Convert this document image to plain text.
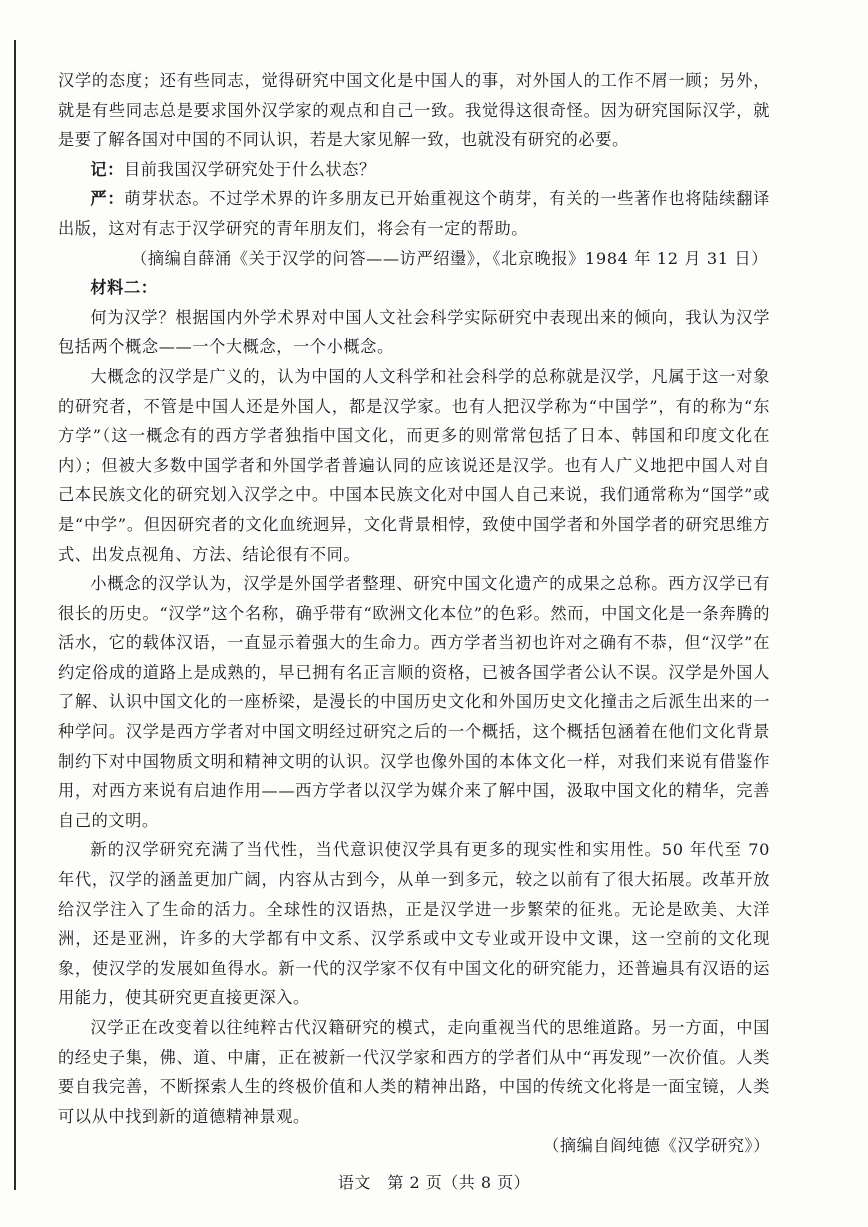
汉学的态度；还有些同志，觉得研究中国文化是中国人的事，对外国人的工作不屑一顾；另外，就是有些同志总是要求国外汉学家的观点和自己一致。我觉得这很奇怪。因为研究国际汉学，就是要了解各国对中国的不同认识，若是大家见解一致，也就没有研究的必要。

记：目前我国汉学研究处于什么状态？

严：萌芽状态。不过学术界的许多朋友已开始重视这个萌芽，有关的一些著作也将陆续翻译出版，这对有志于汉学研究的青年朋友们，将会有一定的帮助。

（摘编自薛涌《关于汉学的问答——访严绍璗》，《北京晚报》1984 年 12 月 31 日）

材料二：

何为汉学？根据国内外学术界对中国人文社会科学实际研究中表现出来的倾向，我认为汉学包括两个概念——一个大概念，一个小概念。

大概念的汉学是广义的，认为中国的人文科学和社会科学的总称就是汉学，凡属于这一对象的研究者，不管是中国人还是外国人，都是汉学家。也有人把汉学称为“中国学”，有的称为“东方学”（这一概念有的西方学者独指中国文化，而更多的则常常包括了日本、韩国和印度文化在内）；但被大多数中国学者和外国学者普遍认同的应该说还是汉学。也有人广义地把中国人对自己本民族文化的研究划入汉学之中。中国本民族文化对中国人自己来说，我们通常称为“国学”或是“中学”。但因研究者的文化血统迥异，文化背景相悖，致使中国学者和外国学者的研究思维方式、出发点视角、方法、结论很有不同。

小概念的汉学认为，汉学是外国学者整理、研究中国文化遗产的成果之总称。西方汉学已有很长的历史。“汉学”这个名称，确乎带有“欧洲文化本位”的色彩。然而，中国文化是一条奔腾的活水，它的载体汉语，一直显示着强大的生命力。西方学者当初也许对之确有不恭，但“汉学”在约定俗成的道路上是成熟的，早已拥有名正言顺的资格，已被各国学者公认不误。汉学是外国人了解、认识中国文化的一座桥梁，是漫长的中国历史文化和外国历史文化撞击之后派生出来的一种学问。汉学是西方学者对中国文明经过研究之后的一个概括，这个概括包涵着在他们文化背景制约下对中国物质文明和精神文明的认识。汉学也像外国的本体文化一样，对我们来说有借鉴作用，对西方来说有启迪作用——西方学者以汉学为媒介来了解中国，汲取中国文化的精华，完善自己的文明。

新的汉学研究充满了当代性，当代意识使汉学具有更多的现实性和实用性。50 年代至 70 年代，汉学的涵盖更加广阔，内容从古到今，从单一到多元，较之以前有了很大拓展。改革开放给汉学注入了生命的活力。全球性的汉语热，正是汉学进一步繁荣的征兆。无论是欧美、大洋洲，还是亚洲，许多的大学都有中文系、汉学系或中文专业或开设中文课，这一空前的文化现象，使汉学的发展如鱼得水。新一代的汉学家不仅有中国文化的研究能力，还普遍具有汉语的运用能力，使其研究更直接更深入。

汉学正在改变着以往纯粹古代汉籍研究的模式，走向重视当代的思维道路。另一方面，中国的经史子集，佛、道、中庸，正在被新一代汉学家和西方的学者们从中“再发现”一次价值。人类要自我完善，不断探索人生的终极价值和人类的精神出路，中国的传统文化将是一面宝镜，人类可以从中找到新的道德精神景观。

（摘编自阎纯德《汉学研究》）

语文　第 2 页（共 8 页）
